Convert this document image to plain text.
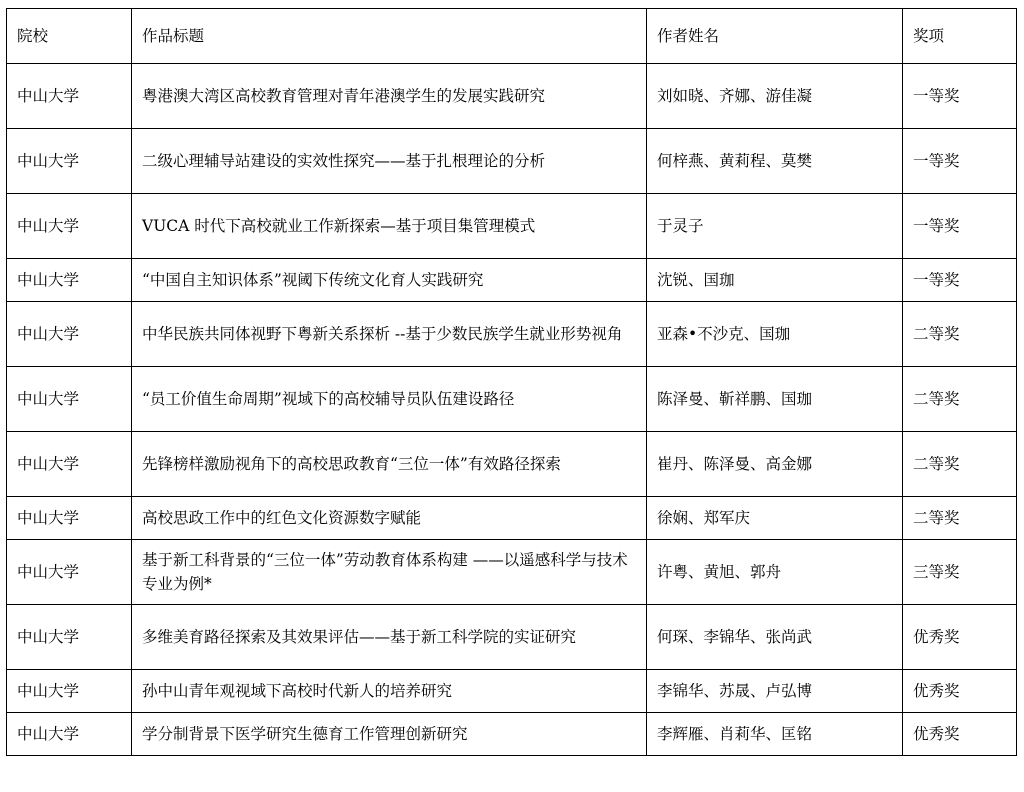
院校	作品标题	作者姓名	奖项
中山大学	粤港澳大湾区高校教育管理对青年港澳学生的发展实践研究	刘如晓、齐娜、游佳凝	一等奖
中山大学	二级心理辅导站建设的实效性探究——基于扎根理论的分析	何梓燕、黄莉程、莫樊	一等奖
中山大学	VUCA 时代下高校就业工作新探索—基于项目集管理模式	于灵子	一等奖
中山大学	“中国自主知识体系”视阈下传统文化育人实践研究	沈锐、国珈	一等奖
中山大学	中华民族共同体视野下粤新关系探析 --基于少数民族学生就业形势视角	亚森•不沙克、国珈	二等奖
中山大学	“员工价值生命周期”视域下的高校辅导员队伍建设路径	陈泽曼、靳祥鹏、国珈	二等奖
中山大学	先锋榜样激励视角下的高校思政教育“三位一体”有效路径探索	崔丹、陈泽曼、高金娜	二等奖
中山大学	高校思政工作中的红色文化资源数字赋能	徐娴、郑军庆	二等奖
中山大学	基于新工科背景的“三位一体”劳动教育体系构建 ——以遥感科学与技术专业为例*	许粤、黄旭、郭舟	三等奖
中山大学	多维美育路径探索及其效果评估——基于新工科学院的实证研究	何琛、李锦华、张尚武	优秀奖
中山大学	孙中山青年观视域下高校时代新人的培养研究	李锦华、苏晟、卢弘博	优秀奖
中山大学	学分制背景下医学研究生德育工作管理创新研究	李辉雁、肖莉华、匡铭	优秀奖
